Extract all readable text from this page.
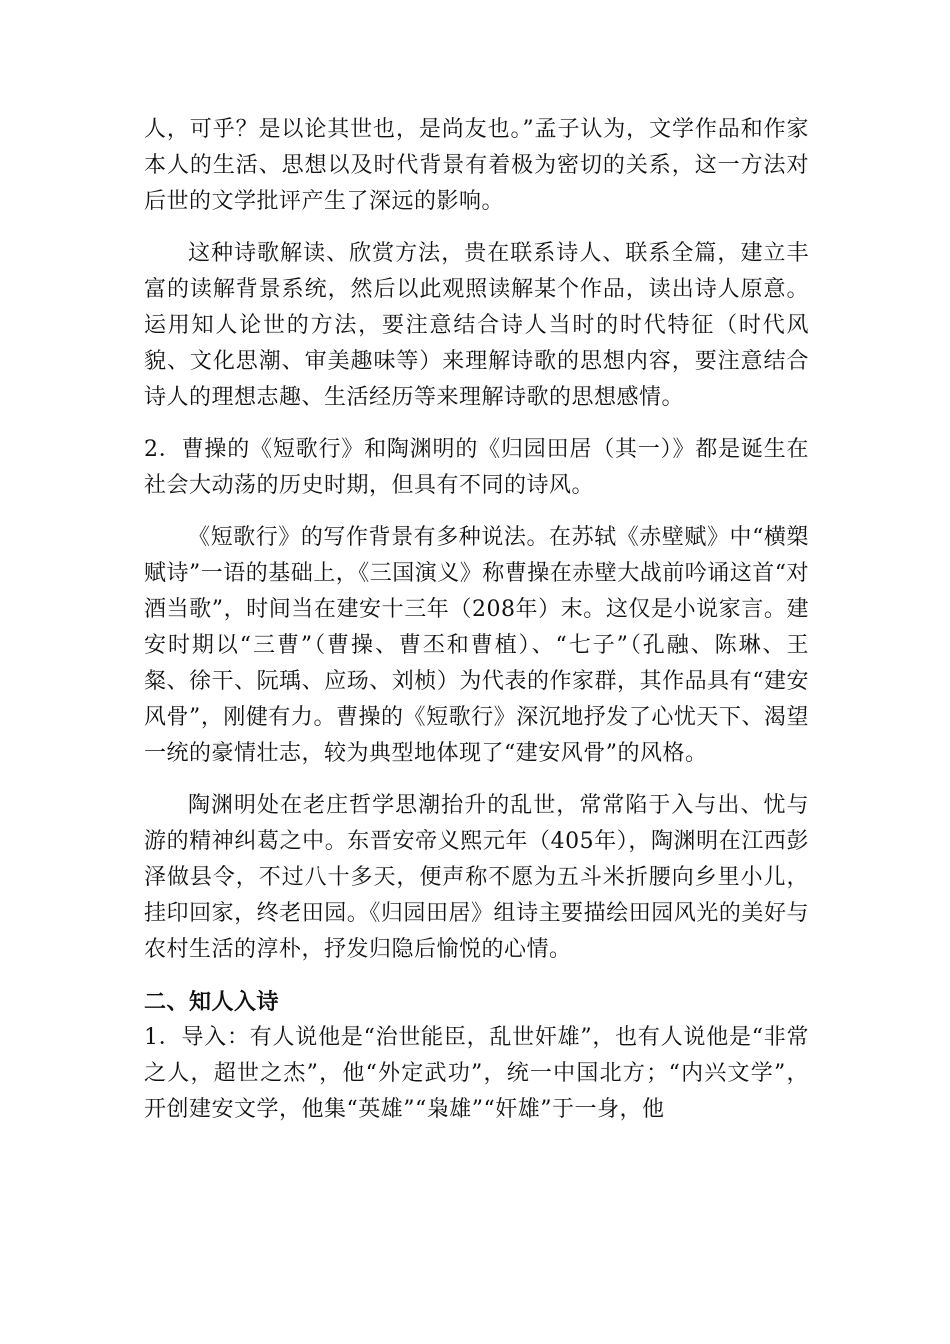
人，可乎？是以论其世也，是尚友也。”孟子认为，文学作品和作家本人的生活、思想以及时代背景有着极为密切的关系，这一方法对后世的文学批评产生了深远的影响。

这种诗歌解读、欣赏方法，贵在联系诗人、联系全篇，建立丰富的读解背景系统，然后以此观照读解某个作品，读出诗人原意。运用知人论世的方法，要注意结合诗人当时的时代特征（时代风貌、文化思潮、审美趣味等）来理解诗歌的思想内容，要注意结合诗人的理想志趣、生活经历等来理解诗歌的思想感情。

2．曹操的《短歌行》和陶渊明的《归园田居（其一）》都是诞生在社会大动荡的历史时期，但具有不同的诗风。

《短歌行》的写作背景有多种说法。在苏轼《赤壁赋》中“横槊赋诗”一语的基础上，《三国演义》称曹操在赤壁大战前吟诵这首“对酒当歌”，时间当在建安十三年（208年）末。这仅是小说家言。建安时期以“三曹”（曹操、曹丕和曹植）、“七子”（孔融、陈琳、王粲、徐干、阮瑀、应玚、刘桢）为代表的作家群，其作品具有“建安风骨”，刚健有力。曹操的《短歌行》深沉地抒发了心忧天下、渴望一统的豪情壮志，较为典型地体现了“建安风骨”的风格。

陶渊明处在老庄哲学思潮抬升的乱世，常常陷于入与出、忧与游的精神纠葛之中。东晋安帝义熙元年（405年），陶渊明在江西彭泽做县令，不过八十多天，便声称不愿为五斗米折腰向乡里小儿，挂印回家，终老田园。《归园田居》组诗主要描绘田园风光的美好与农村生活的淳朴，抒发归隐后愉悦的心情。

二、知人入诗

1．导入：有人说他是“治世能臣，乱世奸雄”，也有人说他是“非常之人，超世之杰”，他“外定武功”，统一中国北方；“内兴文学”，开创建安文学，他集“英雄”“枭雄”“奸雄”于一身，他
